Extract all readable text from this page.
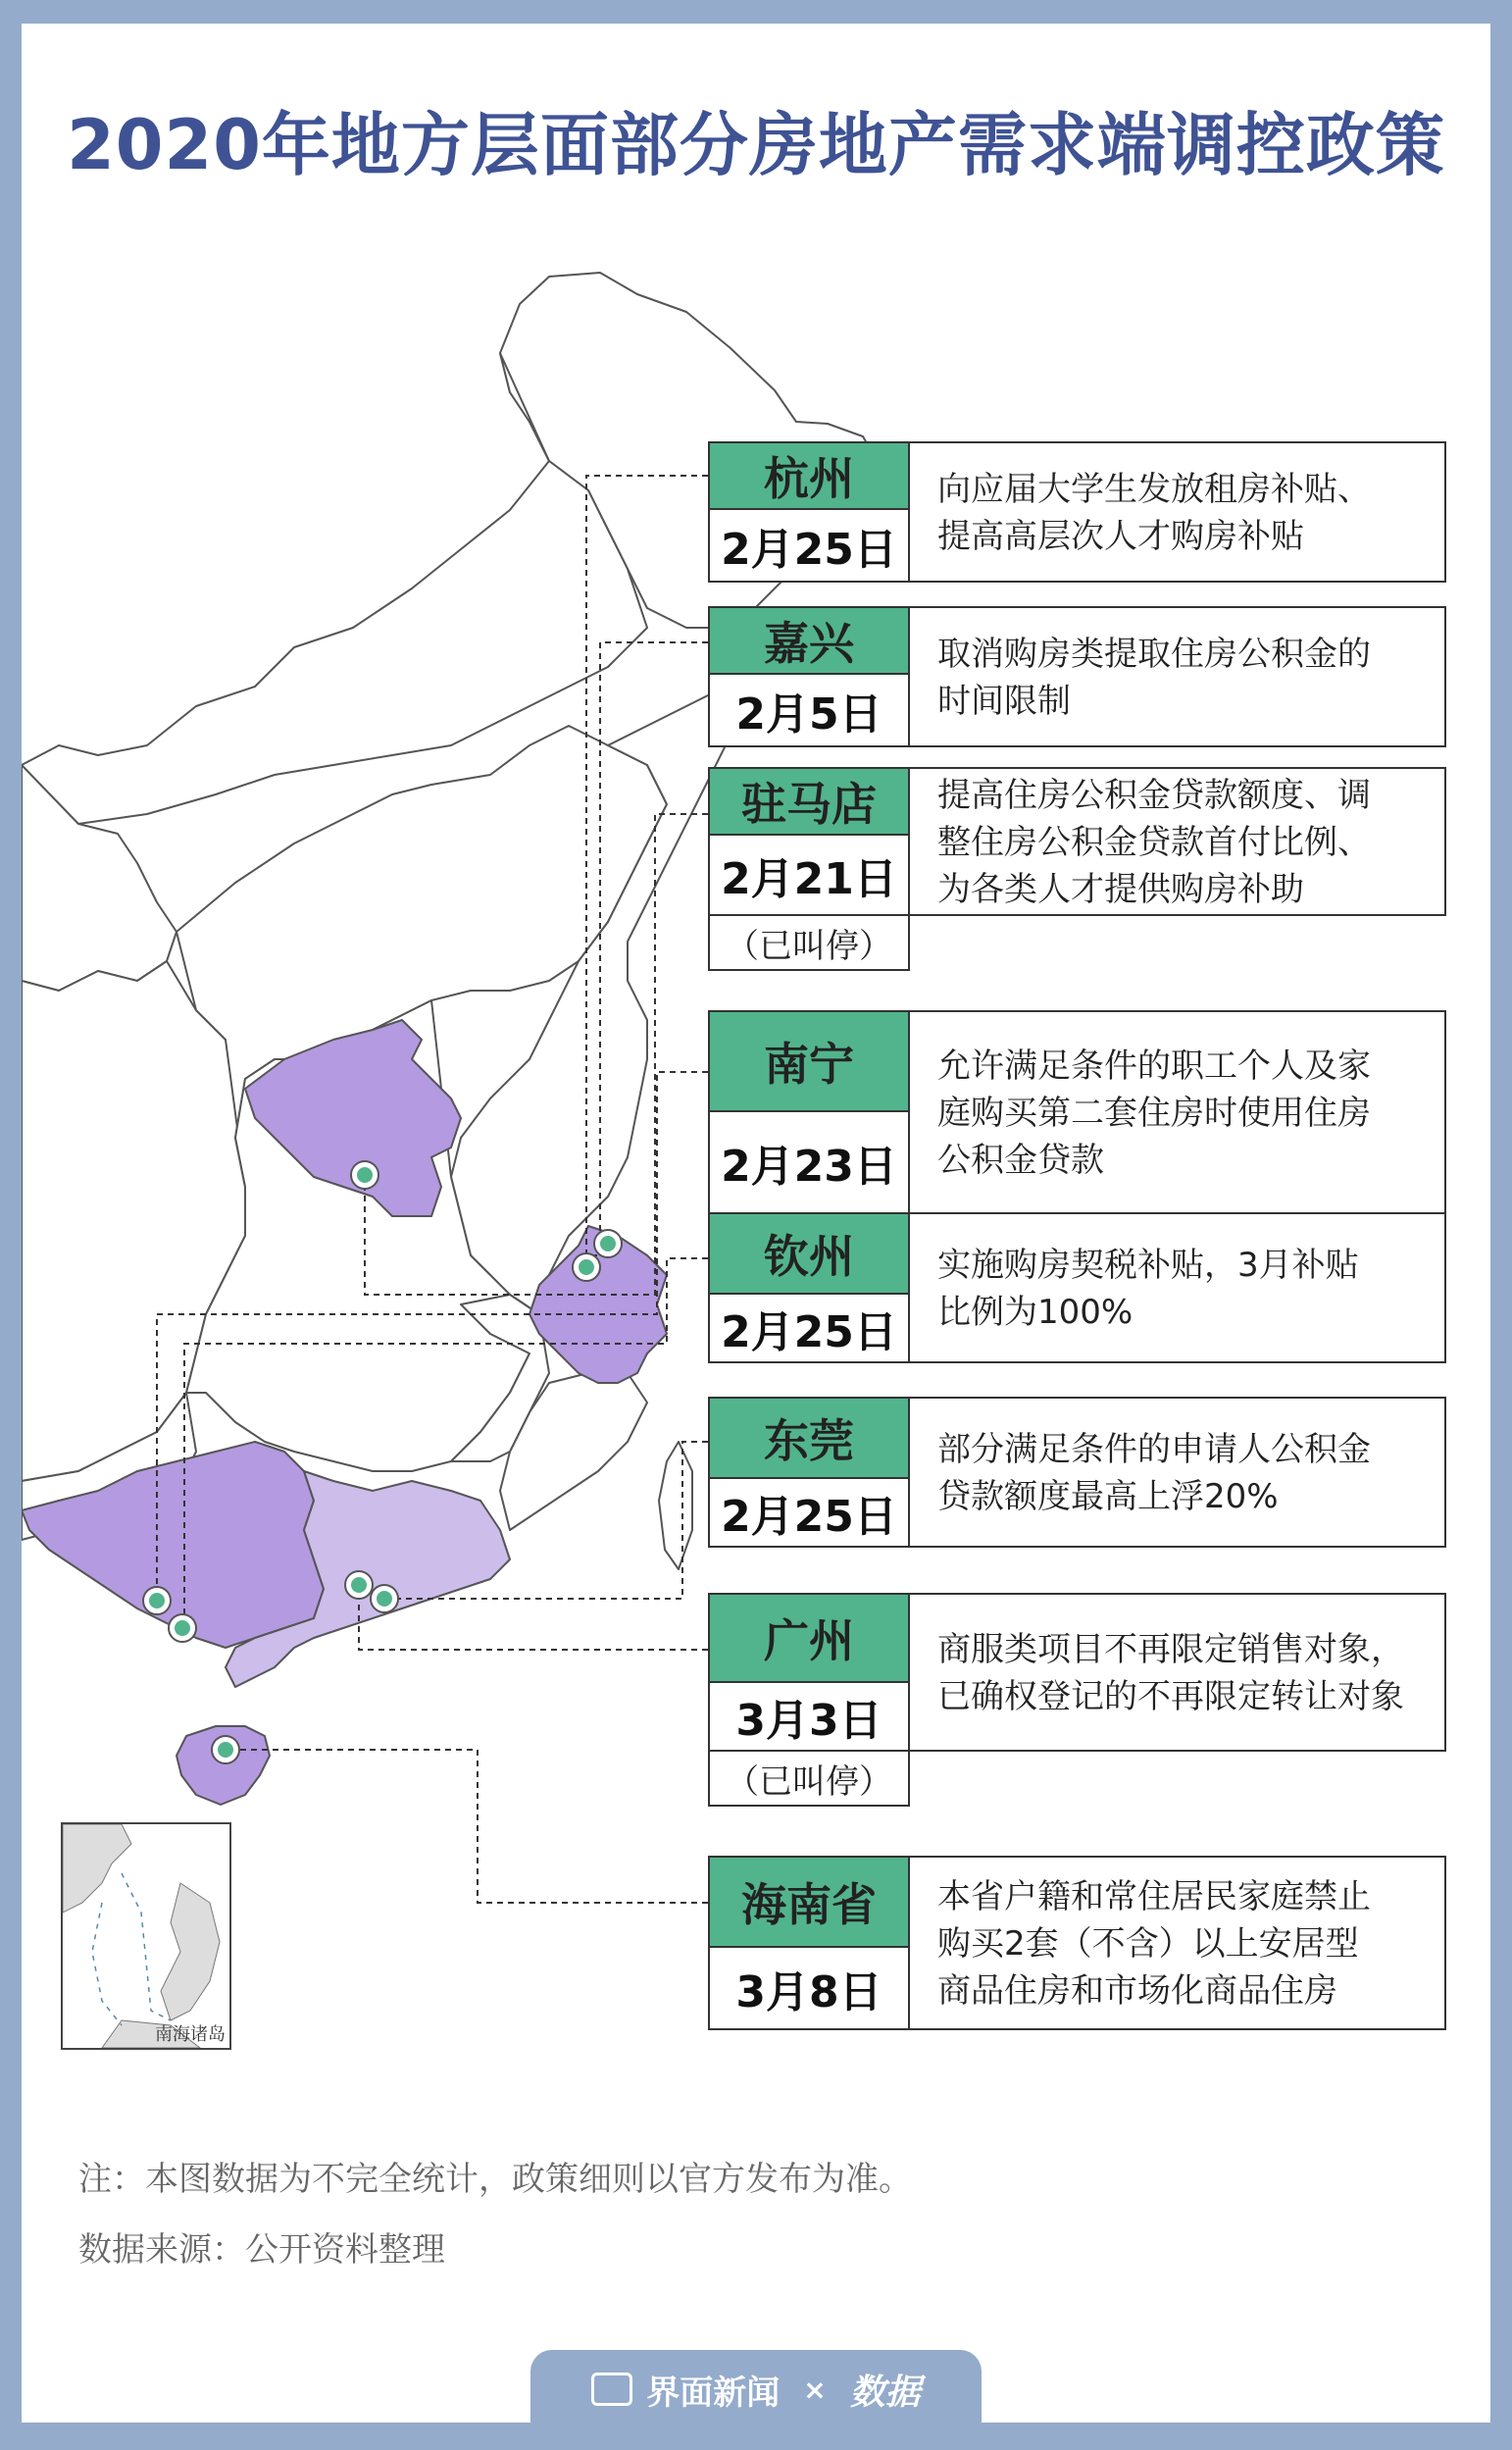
2020年地方层面部分房地产需求端调控政策
南海诸岛
杭州
2月25日
向应届大学生发放租房补贴、
提高高层次人才购房补贴
嘉兴
2月5日
取消购房类提取住房公积金的
时间限制
驻马店
2月21日
提高住房公积金贷款额度、调
整住房公积金贷款首付比例、
为各类人才提供购房补助
（已叫停）
南宁
2月23日
允许满足条件的职工个人及家
庭购买第二套住房时使用住房
公积金贷款
钦州
2月25日
实施购房契税补贴，3月补贴
比例为100%
东莞
2月25日
部分满足条件的申请人公积金
贷款额度最高上浮20%
广州
3月3日
商服类项目不再限定销售对象，
已确权登记的不再限定转让对象
（已叫停）
海南省
3月8日
本省户籍和常住居民家庭禁止
购买2套（不含）以上安居型
商品住房和市场化商品住房
注：本图数据为不完全统计，政策细则以官方发布为准。
数据来源：公开资料整理
界面新闻 × 数据
